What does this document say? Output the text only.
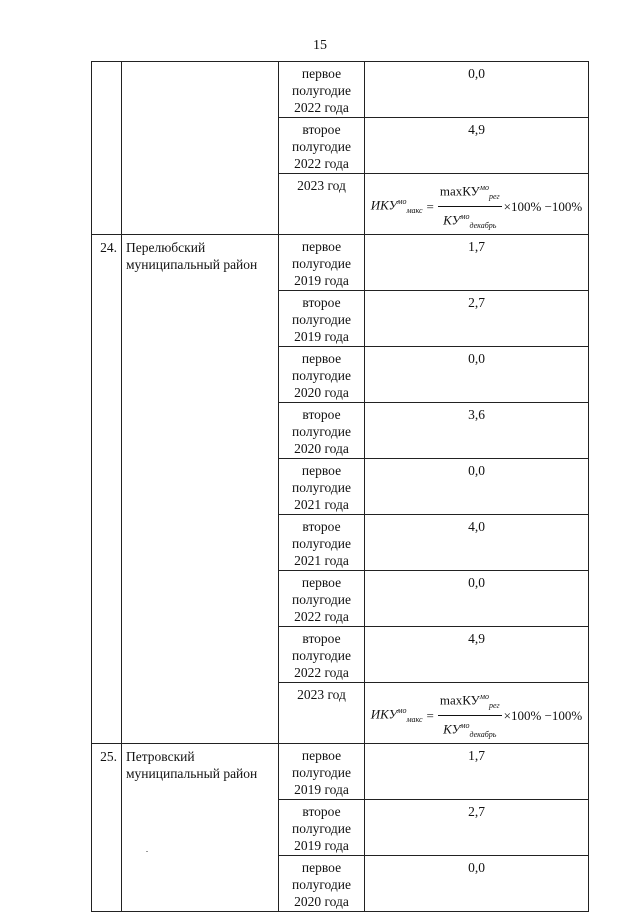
15
		первое полугодие 2022 года	0,0
		второе полугодие 2022 года	4,9
		2023 год	$ИКУ^{мо}_{макс} = \frac{\max КУ^{мо}_{рег}}{КУ^{мо}_{декабрь}} \times 100\% -100\%$

24.	Перелюбский муниципальный район	первое полугодие 2019 года	1,7
		второе полугодие 2019 года	2,7
		первое полугодие 2020 года	0,0
		второе полугодие 2020 года	3,6
		первое полугодие 2021 года	0,0
		второе полугодие 2021 года	4,0
		первое полугодие 2022 года	0,0
		второе полугодие 2022 года	4,9
		2023 год	$ИКУ^{мо}_{макс} = \frac{\max КУ^{мо}_{рег}}{КУ^{мо}_{декабрь}} \times 100\% -100\%$

25.	Петровский муниципальный район	первое полугодие 2019 года	1,7
		второе полугодие 2019 года	2,7
		первое полугодие 2020 года	0,0
